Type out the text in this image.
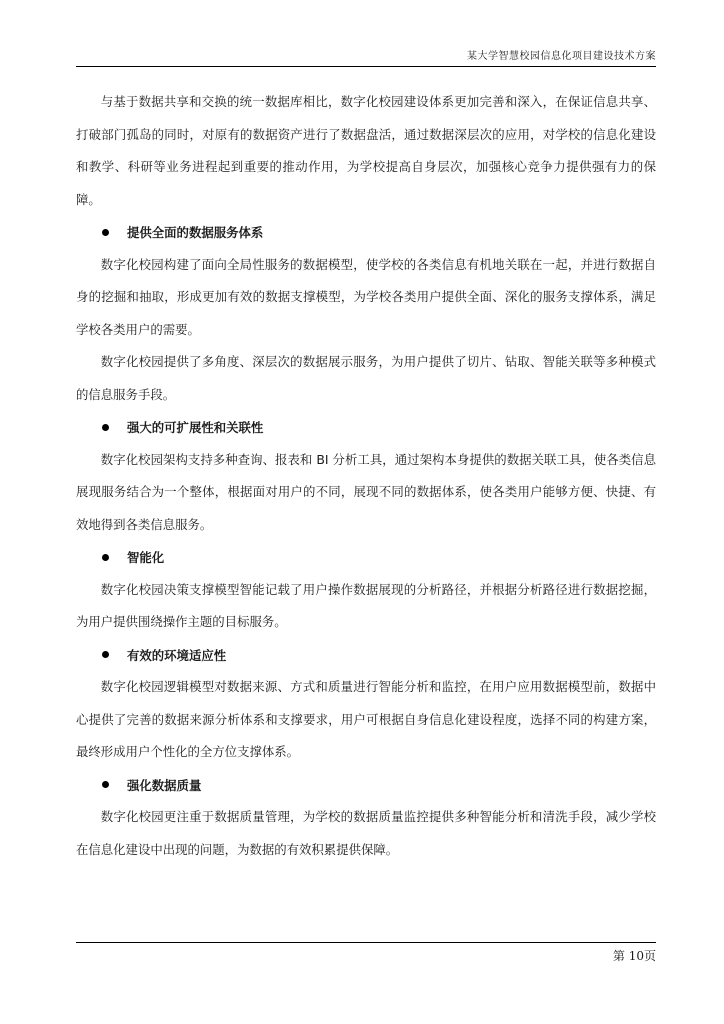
某大学智慧校园信息化项目建设技术方案

与基于数据共享和交换的统一数据库相比，数字化校园建设体系更加完善和深入，在保证信息共享、打破部门孤岛的同时，对原有的数据资产进行了数据盘活，通过数据深层次的应用，对学校的信息化建设和教学、科研等业务进程起到重要的推动作用，为学校提高自身层次，加强核心竞争力提供强有力的保障。

提供全面的数据服务体系

数字化校园构建了面向全局性服务的数据模型，使学校的各类信息有机地关联在一起，并进行数据自身的挖掘和抽取，形成更加有效的数据支撑模型，为学校各类用户提供全面、深化的服务支撑体系，满足学校各类用户的需要。

数字化校园提供了多角度、深层次的数据展示服务，为用户提供了切片、钻取、智能关联等多种模式的信息服务手段。

强大的可扩展性和关联性

数字化校园架构支持多种查询、报表和 BI 分析工具，通过架构本身提供的数据关联工具，使各类信息展现服务结合为一个整体，根据面对用户的不同，展现不同的数据体系，使各类用户能够方便、快捷、有效地得到各类信息服务。

智能化

数字化校园决策支撑模型智能记载了用户操作数据展现的分析路径，并根据分析路径进行数据挖掘，为用户提供围绕操作主题的目标服务。

有效的环境适应性

数字化校园逻辑模型对数据来源、方式和质量进行智能分析和监控，在用户应用数据模型前，数据中心提供了完善的数据来源分析体系和支撑要求，用户可根据自身信息化建设程度，选择不同的构建方案，最终形成用户个性化的全方位支撑体系。

强化数据质量

数字化校园更注重于数据质量管理，为学校的数据质量监控提供多种智能分析和清洗手段，减少学校在信息化建设中出现的问题，为数据的有效积累提供保障。

第 10页
